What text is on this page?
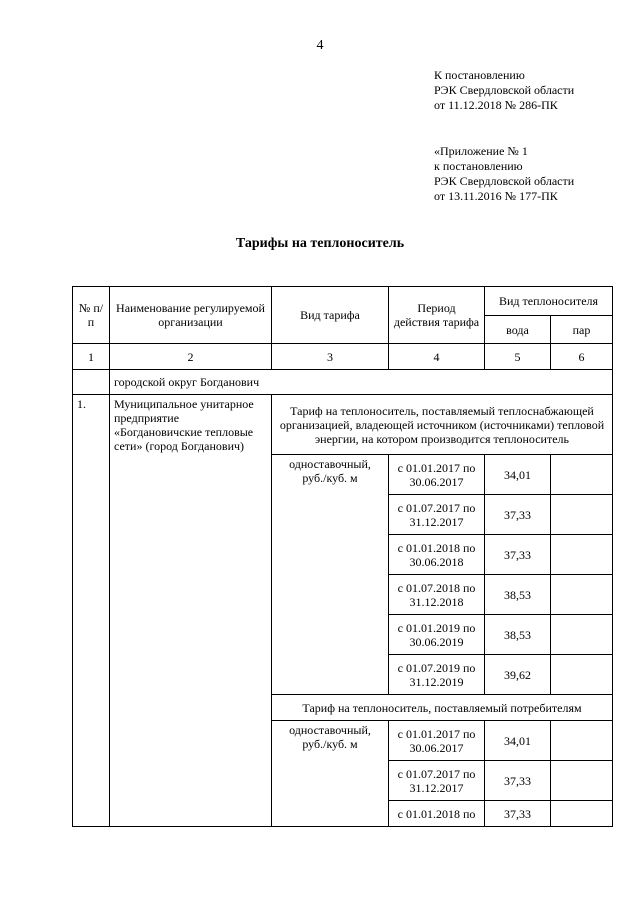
4
К постановлению
РЭК Свердловской области
от 11.12.2018 № 286-ПК
«Приложение № 1
к постановлению
РЭК Свердловской области
от 13.11.2016 № 177-ПК
Тарифы на теплоноситель
№ п/п	Наименование регулируемой организации	Вид тарифа	Период действия тарифа	Вид теплоносителя	
				вода	пар
1	2	3	4	5	6
	городской округ Богданович				
1.	Муниципальное унитарное предприятие «Богдановичские тепловые сети» (город Богданович)	Тариф на теплоноситель, поставляемый теплоснабжающей организацией, владеющей источником (источниками) тепловой энергии, на котором производится теплоноситель			
		одноставочный, руб./куб. м	с 01.01.2017 по 30.06.2017	34,01	
			с 01.07.2017 по 31.12.2017	37,33	
			с 01.01.2018 по 30.06.2018	37,33	
			с 01.07.2018 по 31.12.2018	38,53	
			с 01.01.2019 по 30.06.2019	38,53	
			с 01.07.2019 по 31.12.2019	39,62	
		Тариф на теплоноситель, поставляемый потребителям			
		одноставочный, руб./куб. м	с 01.01.2017 по 30.06.2017	34,01	
			с 01.07.2017 по 31.12.2017	37,33	
			с 01.01.2018 по	37,33	
